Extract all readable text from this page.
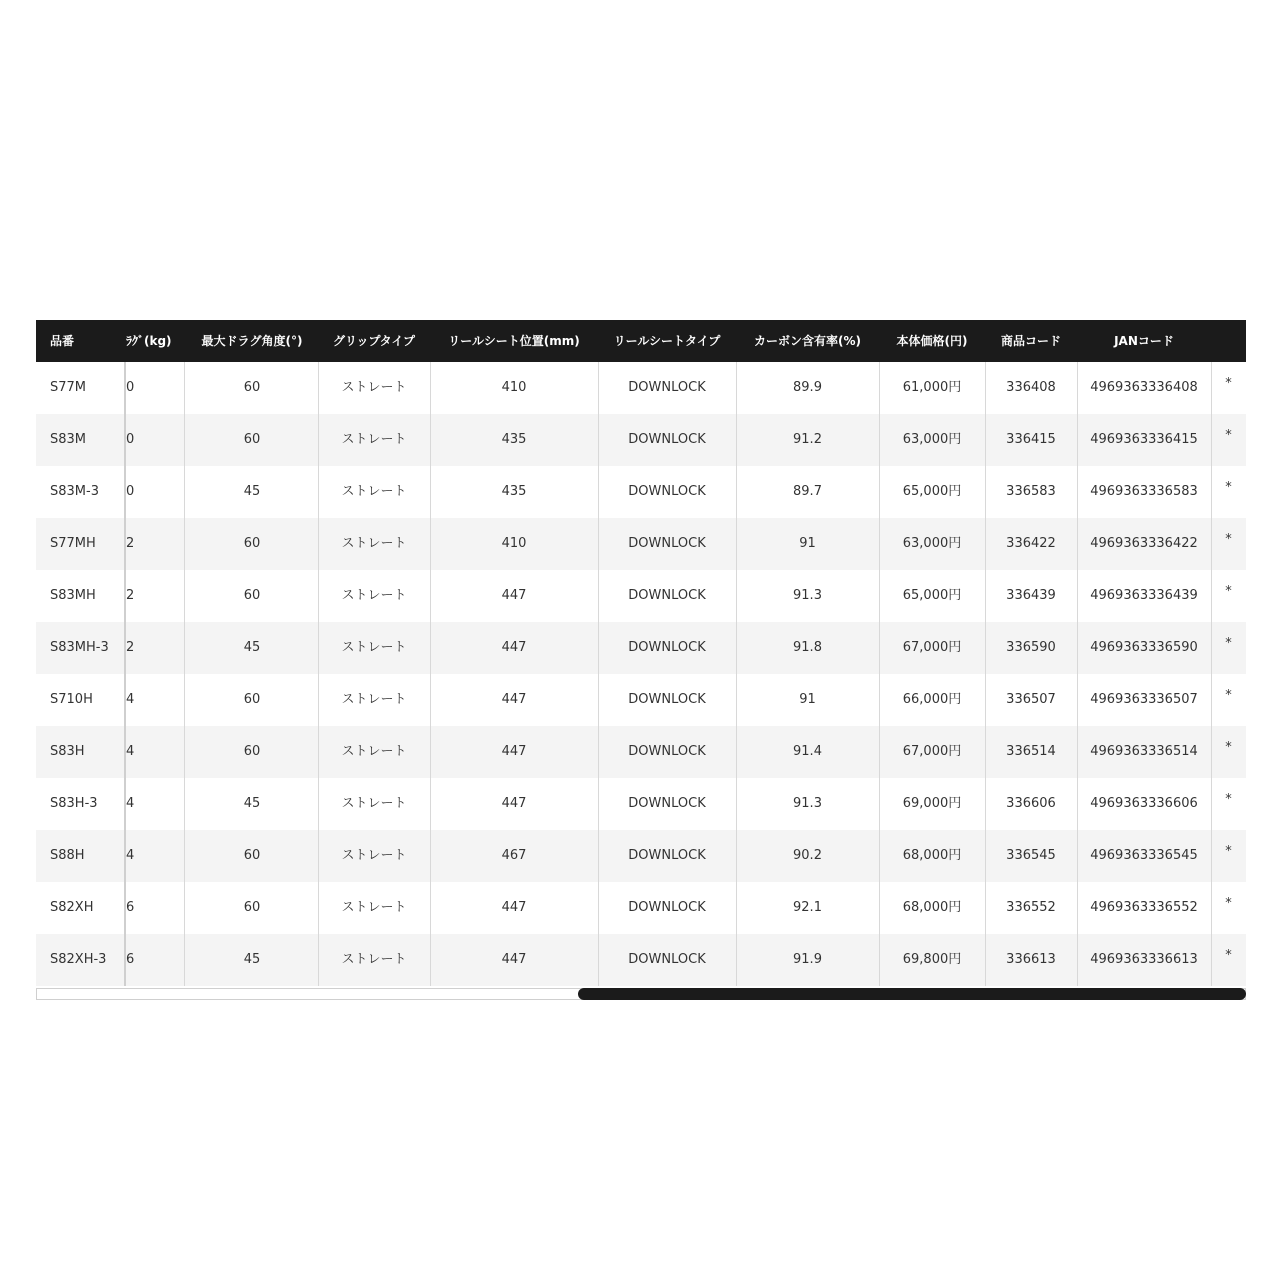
品番	ﾗｸﾞ(kg)	最大ドラグ角度(°)	グリップタイプ	リールシート位置(mm)	リールシートタイプ	カーボン含有率(%)	本体価格(円)	商品コード	JANコード
S77M	0	60	ストレート	410	DOWNLOCK	89.9	61,000円	336408	4969363336408	*
S83M	0	60	ストレート	435	DOWNLOCK	91.2	63,000円	336415	4969363336415	*
S83M-3	0	45	ストレート	435	DOWNLOCK	89.7	65,000円	336583	4969363336583	*
S77MH	2	60	ストレート	410	DOWNLOCK	91	63,000円	336422	4969363336422	*
S83MH	2	60	ストレート	447	DOWNLOCK	91.3	65,000円	336439	4969363336439	*
S83MH-3	2	45	ストレート	447	DOWNLOCK	91.8	67,000円	336590	4969363336590	*
S710H	4	60	ストレート	447	DOWNLOCK	91	66,000円	336507	4969363336507	*
S83H	4	60	ストレート	447	DOWNLOCK	91.4	67,000円	336514	4969363336514	*
S83H-3	4	45	ストレート	447	DOWNLOCK	91.3	69,000円	336606	4969363336606	*
S88H	4	60	ストレート	467	DOWNLOCK	90.2	68,000円	336545	4969363336545	*
S82XH	6	60	ストレート	447	DOWNLOCK	92.1	68,000円	336552	4969363336552	*
S82XH-3	6	45	ストレート	447	DOWNLOCK	91.9	69,800円	336613	4969363336613	*
